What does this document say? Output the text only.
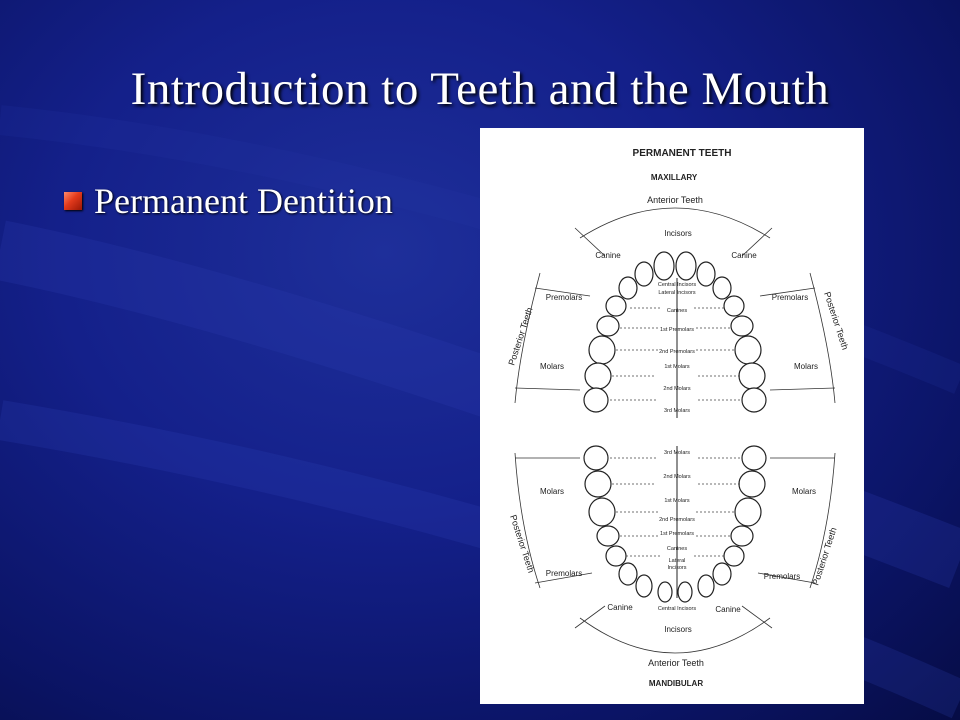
Introduction to Teeth and the Mouth
Permanent Dentition
PERMANENT TEETH
MAXILLARY
Anterior Teeth
Incisors
Canine	Canine
Premolars	Premolars
Molars	Molars
Posterior Teeth	Posterior Teeth
Central Incisors
Lateral Incisors
Canines
1st Premolars
2nd Premolars
1st Molars
2nd Molars
3rd Molars
3rd Molars
2nd Molars
1st Molars
2nd Premolars
1st Premolars
Canines
Lateral
Incisors
Central Incisors
Molars	Molars
Premolars	Premolars
Canine	Canine
Incisors
Anterior Teeth
MANDIBULAR
Posterior Teeth	Posterior Teeth
